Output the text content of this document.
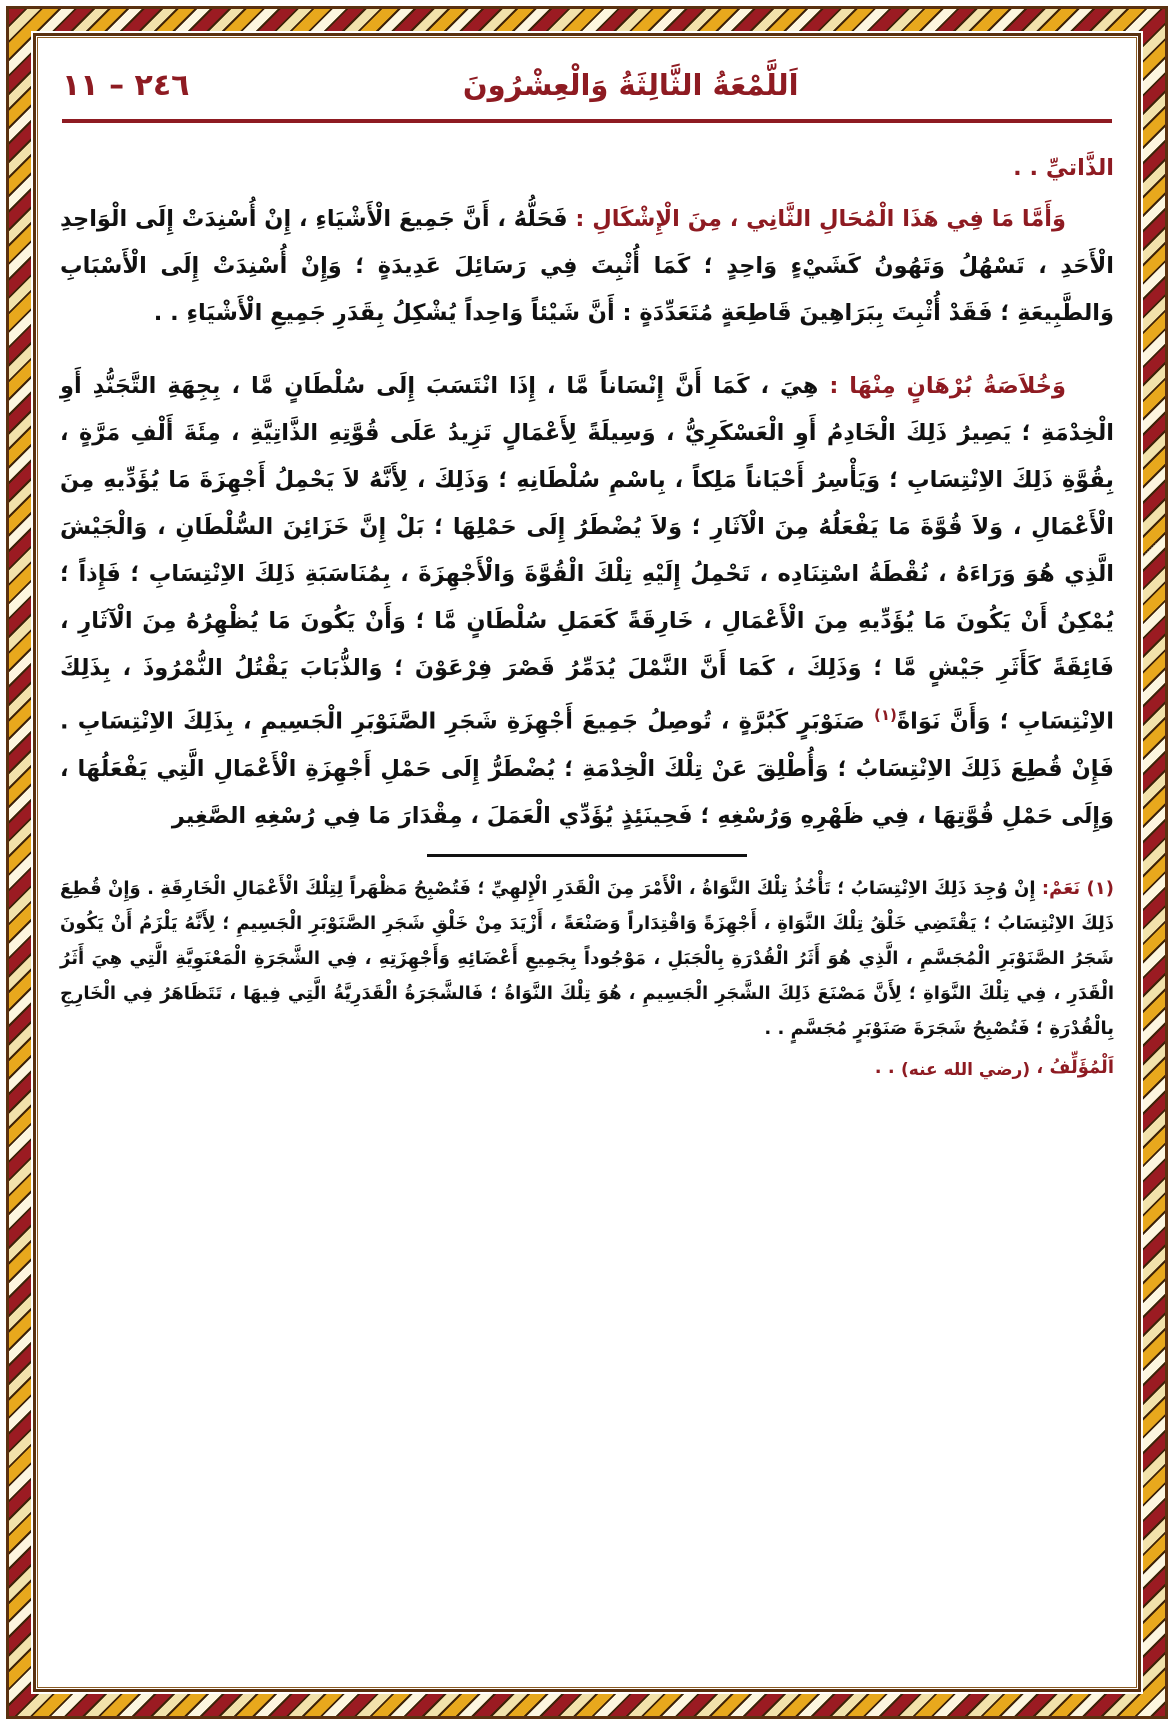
اَللَّمْعَةُ الثَّالِثَةُ وَالْعِشْرُونَ
٢٤٦ – ١١

الذَّاتيِّ . .

وَأَمَّا مَا فِي هَذَا الْمُحَالِ الثَّانِي ، مِنَ الْإِشْكَالِ : فَحَلُّهُ ، أَنَّ جَمِيعَ الْأَشْيَاءِ ، إِنْ أُسْنِدَتْ إِلَى الْوَاحِدِ الْأَحَدِ ، تَسْهُلُ وَتَهُونُ كَشَيْءٍ وَاحِدٍ ؛ كَمَا أُثْبِتَ فِي رَسَائِلَ عَدِيدَةٍ ؛ وَإِنْ أُسْنِدَتْ إِلَى الْأَسْبَابِ وَالطَّبِيعَةِ ؛ فَقَدْ أُثْبِتَ بِبَرَاهِينَ قَاطِعَةٍ مُتَعَدِّدَةٍ : أَنَّ شَيْئاً وَاحِداً يُشْكِلُ بِقَدَرِ جَمِيعِ الْأَشْيَاءِ . .

وَخُلاَصَةُ بُرْهَانٍ مِنْهَا : هِيَ ، كَمَا أَنَّ إِنْسَاناً مَّا ، إِذَا انْتَسَبَ إِلَى سُلْطَانٍ مَّا ، بِجِهَةِ التَّجَنُّدِ أَوِ الْخِدْمَةِ ؛ يَصِيرُ ذَلِكَ الْخَادِمُ أَوِ الْعَسْكَرِيُّ ، وَسِيلَةً لِأَعْمَالٍ تَزِيدُ عَلَى قُوَّتِهِ الذَّاتِيَّةِ ، مِئَةَ أَلْفِ مَرَّةٍ ، بِقُوَّةِ ذَلِكَ الاِنْتِسَابِ ؛ وَيَأْسِرُ أَحْيَاناً مَلِكاً ، بِاسْمِ سُلْطَانِهِ ؛ وَذَلِكَ ، لِأَنَّهُ لاَ يَحْمِلُ أَجْهِزَةَ مَا يُؤَدِّيهِ مِنَ الْأَعْمَالِ ، وَلاَ قُوَّةَ مَا يَفْعَلُهُ مِنَ الْآثَارِ ؛ وَلاَ يُضْطَرُ إِلَى حَمْلِهَا ؛ بَلْ إِنَّ خَزَائِنَ السُّلْطَانِ ، وَالْجَيْشَ الَّذِي هُوَ وَرَاءَهُ ، نُقْطَةُ اسْتِنَادِه ، تَحْمِلُ إِلَيْهِ تِلْكَ الْقُوَّةَ وَالْأَجْهِزَةَ ، بِمُنَاسَبَةِ ذَلِكَ الاِنْتِسَابِ ؛ فَإِذاً ؛ يُمْكِنُ أَنْ يَكُونَ مَا يُؤَدِّيهِ مِنَ الْأَعْمَالِ ، خَارِقَةً كَعَمَلِ سُلْطَانٍ مَّا ؛ وَأَنْ يَكُونَ مَا يُظْهِرُهُ مِنَ الْآثَارِ ، فَائِقَةً كَأَثَرِ جَيْشٍ مَّا ؛ وَذَلِكَ ، كَمَا أَنَّ النَّمْلَ يُدَمِّرُ قَصْرَ فِرْعَوْنَ ؛ وَالذُّبَابَ يَقْتُلُ النُّمْرُوذَ ، بِذَلِكَ الاِنْتِسَابِ ؛ وَأَنَّ نَوَاةً$^{(١)}$ صَنَوْبَرٍ كَبُرَّةٍ ، تُوصِلُ جَمِيعَ أَجْهِزَةِ شَجَرِ الصَّنَوْبَرِ الْجَسِيمِ ، بِذَلِكَ الاِنْتِسَابِ . فَإِنْ قُطِعَ ذَلِكَ الاِنْتِسَابُ ؛ وَأُطْلِقَ عَنْ تِلْكَ الْخِدْمَةِ ؛ يُضْطَرُّ إِلَى حَمْلِ أَجْهِزَةِ الْأَعْمَالِ الَّتِي يَفْعَلُهَا ، وَإِلَى حَمْلِ قُوَّتِهَا ، فِي ظَهْرِهِ وَرُسْغِهِ ؛ فَحِينَئِذٍ يُؤَدِّي الْعَمَلَ ، مِقْدَارَ مَا فِي رُسْغِهِ الصَّغِير

(١) نَعَمْ: إِنْ وُجِدَ ذَلِكَ الاِنْتِسَابُ ؛ تَأْخُذُ تِلْكَ النَّوَاةُ ، الْأَمْرَ مِنَ الْقَدَرِ الْإِلهِيِّ ؛ فَتُصْبِحُ مَظْهَراً لِتِلْكَ الْأَعْمَالِ الْخَارِقَةِ . وَإِنْ قُطِعَ ذَلِكَ الاِنْتِسَابُ ؛ يَقْتَضِي خَلْقُ تِلْكَ النَّوَاةِ ، أَجْهِزَةً وَاقْتِدَاراً وَصَنْعَةً ، أَزْيَدَ مِنْ خَلْقِ شَجَرِ الصَّنَوْبَرِ الْجَسِيمِ ؛ لِأَنَّهُ يَلْزَمُ أَنْ يَكُونَ شَجَرُ الصَّنَوْبَرِ الْمُجَسَّمِ ، الَّذِي هُوَ أَثَرُ الْقُدْرَةِ بِالْجَبَلِ ، مَوْجُوداً بِجَمِيعِ أَعْضَائِهِ وَأَجْهِزَتِهِ ، فِي الشَّجَرَةِ الْمَعْنَوِيَّةِ الَّتِي هِيَ أَثَرُ الْقَدَرِ ، فِي تِلْكَ النَّوَاةِ ؛ لِأَنَّ مَصْنَعَ ذَلِكَ الشَّجَرِ الْجَسِيمِ ، هُوَ تِلْكَ النَّوَاةُ ؛ فَالشَّجَرَةُ الْقَدَرِيَّةُ الَّتِي فِيهَا ، تَتَظَاهَرُ فِي الْخَارِجِ بِالْقُدْرَةِ ؛ فَتُصْبِحُ شَجَرَةَ صَنَوْبَرٍ مُجَسَّمٍ . .

اَلْمُؤَلِّفُ ، (رضي الله عنه) . .
